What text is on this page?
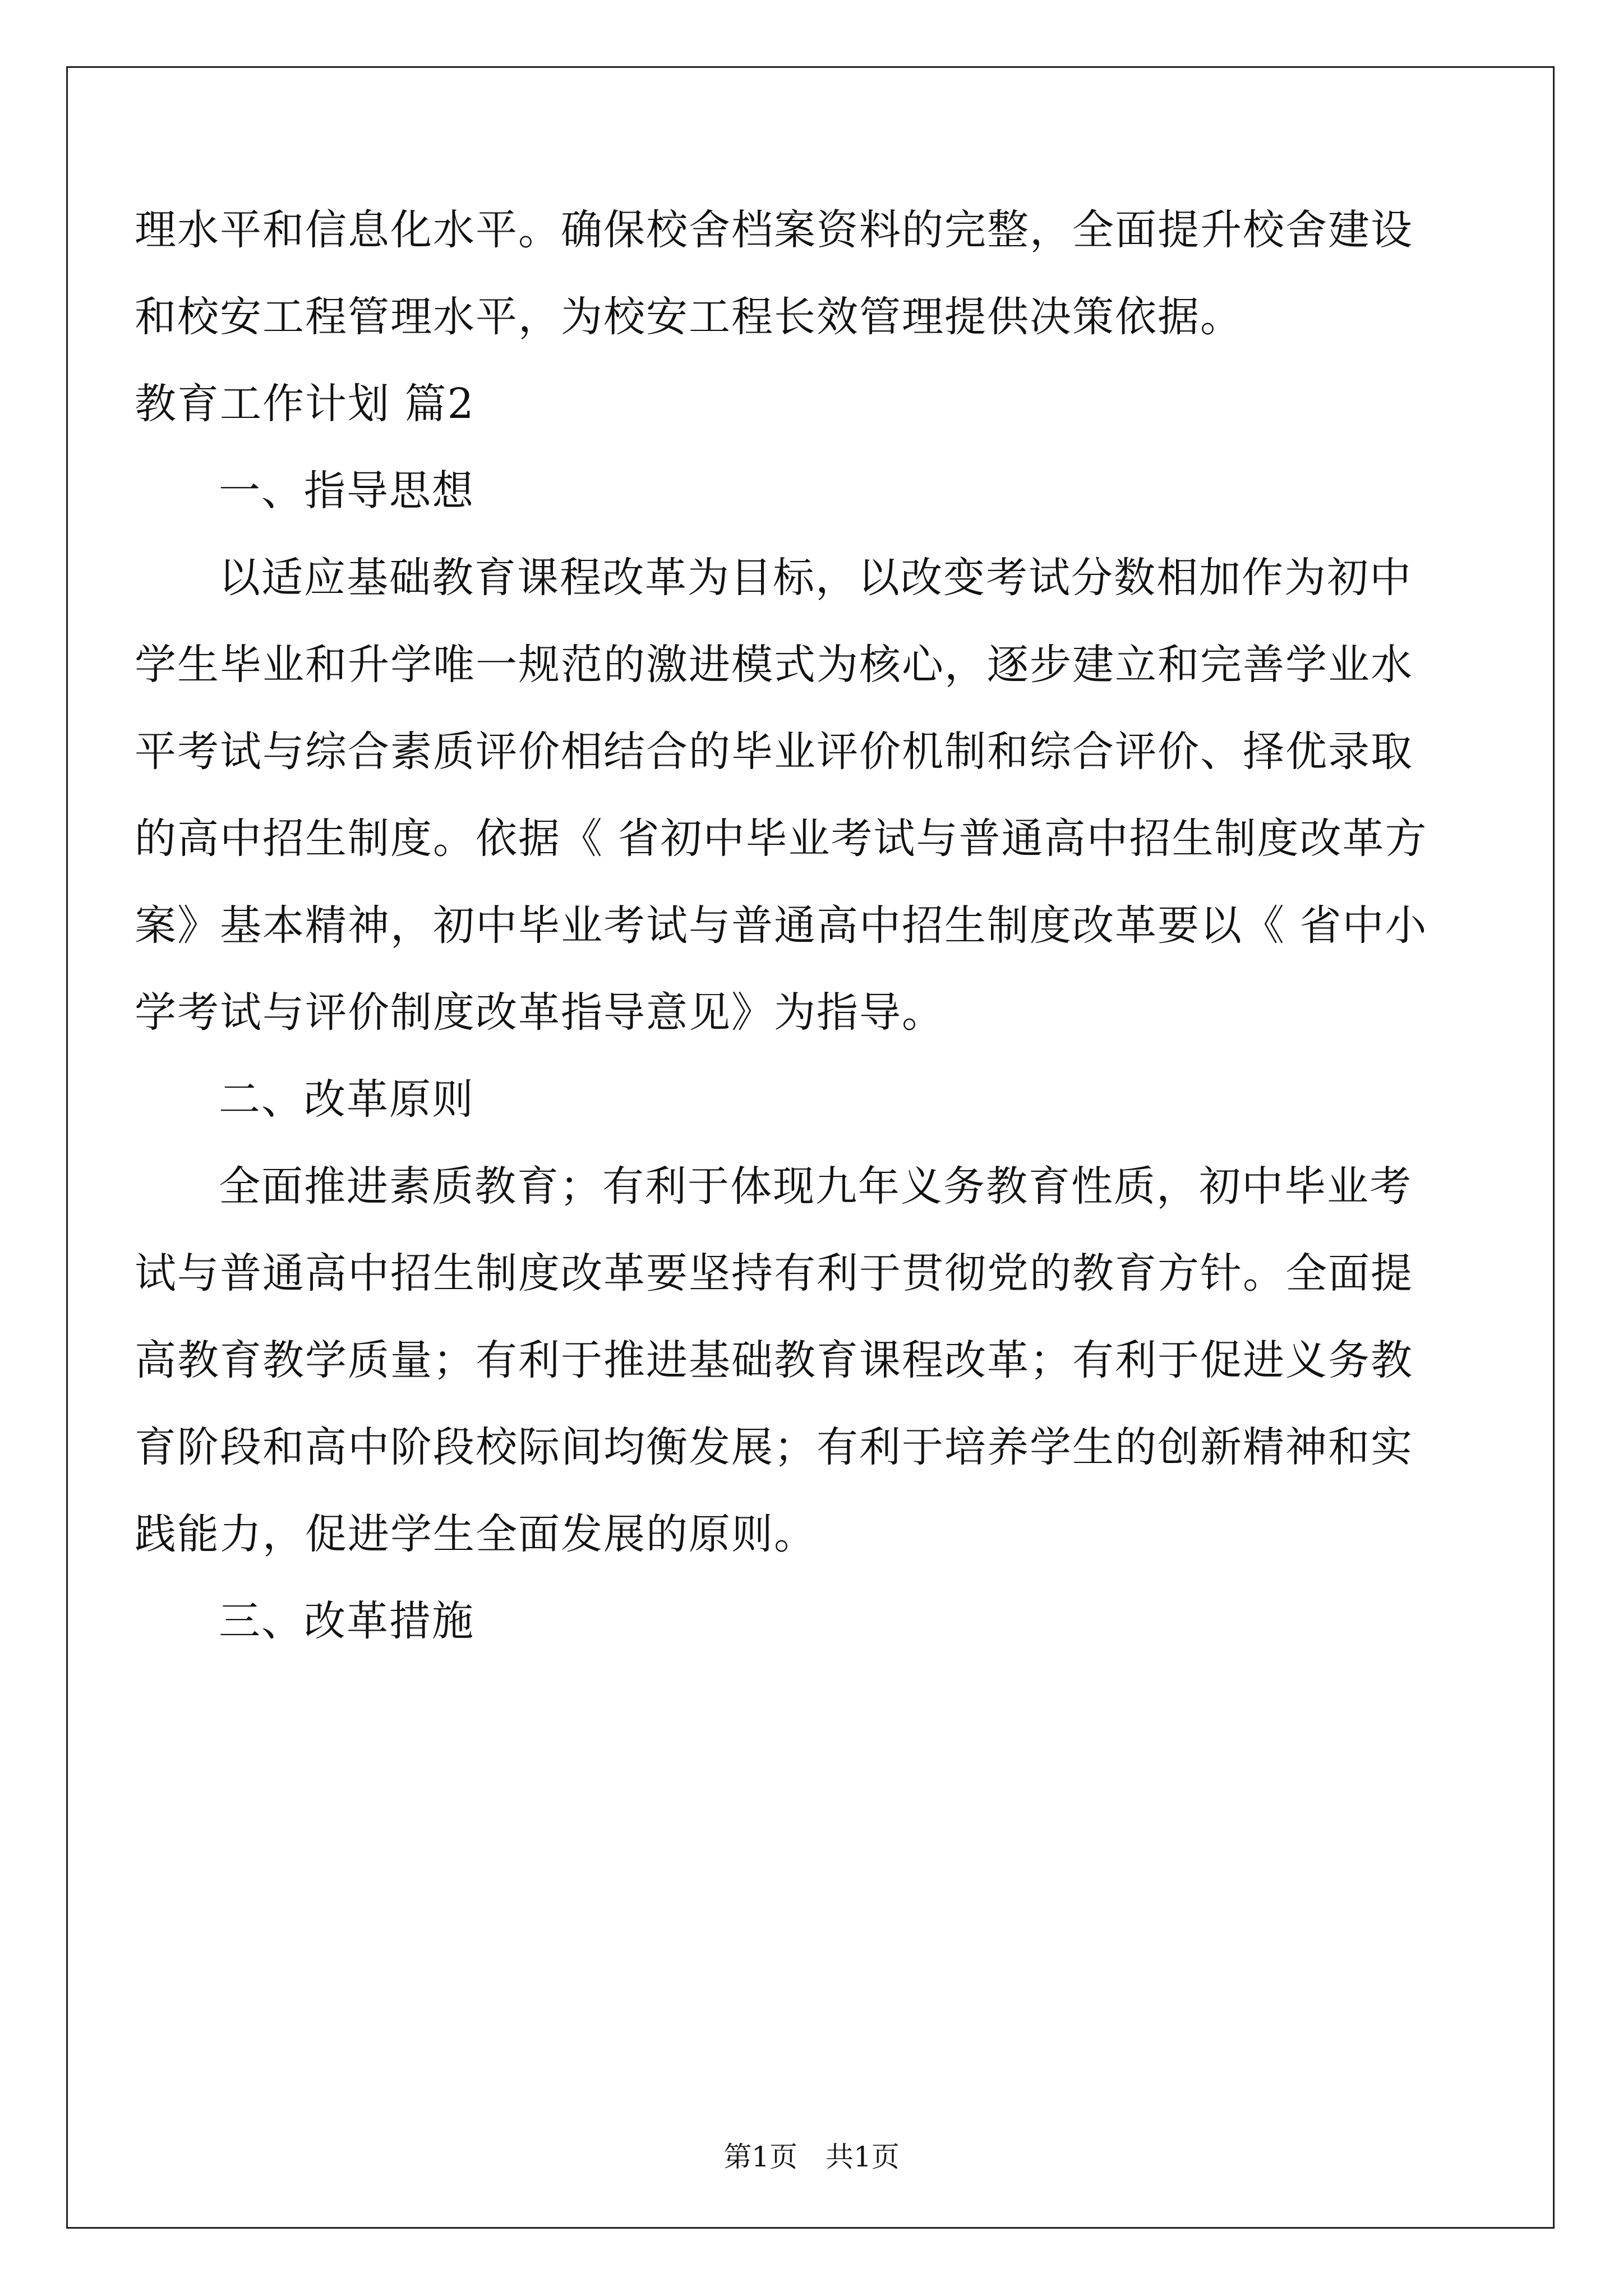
理水平和信息化水平。确保校舍档案资料的完整，全面提升校舍建设
和校安工程管理水平，为校安工程长效管理提供决策依据。
教育工作计划 篇2
一、指导思想
以适应基础教育课程改革为目标，以改变考试分数相加作为初中
学生毕业和升学唯一规范的激进模式为核心，逐步建立和完善学业水
平考试与综合素质评价相结合的毕业评价机制和综合评价、择优录取
的高中招生制度。依据《 省初中毕业考试与普通高中招生制度改革方
案》基本精神，初中毕业考试与普通高中招生制度改革要以《 省中小
学考试与评价制度改革指导意见》为指导。
二、改革原则
全面推进素质教育；有利于体现九年义务教育性质，初中毕业考
试与普通高中招生制度改革要坚持有利于贯彻党的教育方针。全面提
高教育教学质量；有利于推进基础教育课程改革；有利于促进义务教
育阶段和高中阶段校际间均衡发展；有利于培养学生的创新精神和实
践能力，促进学生全面发展的原则。
三、改革措施
第1页　共1页
